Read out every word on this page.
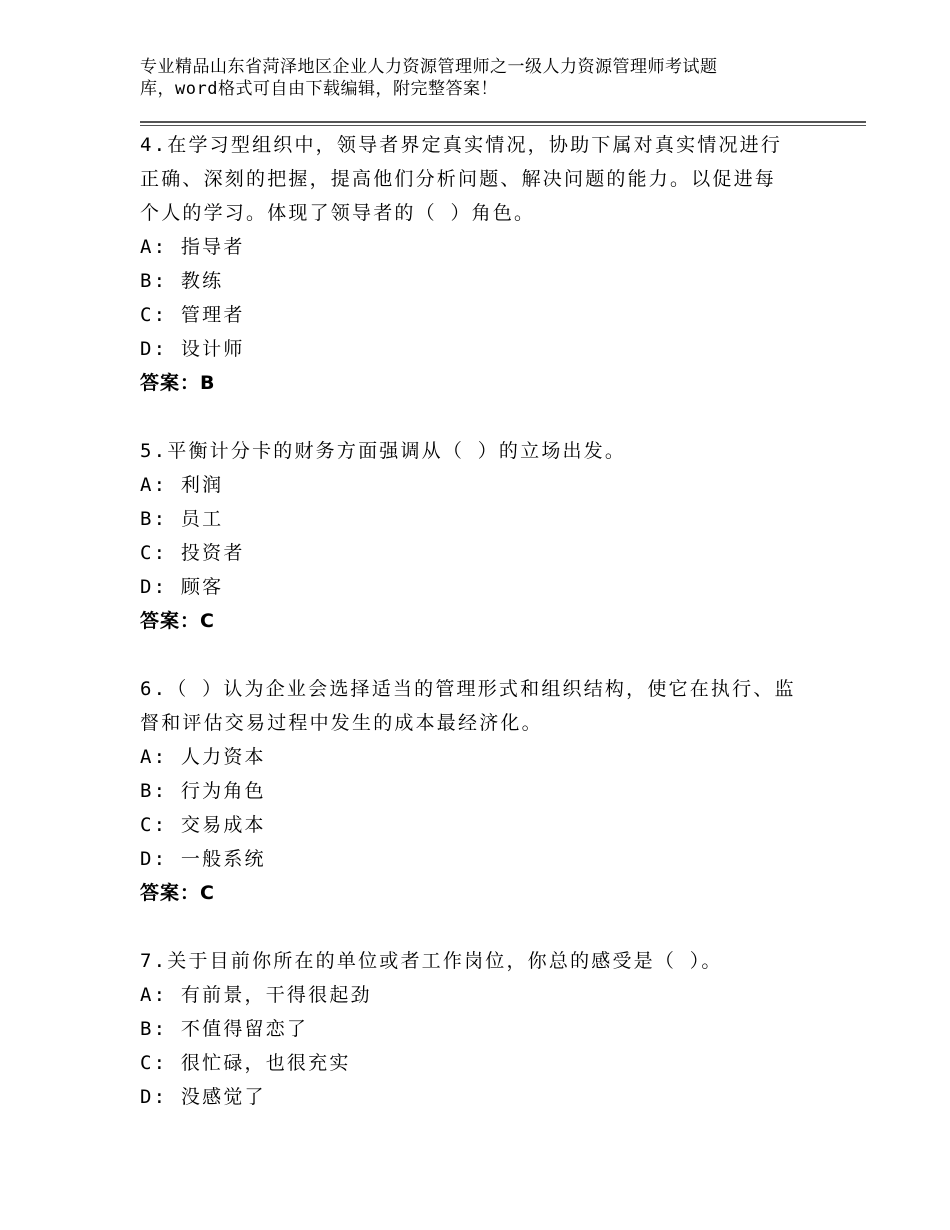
专业精品山东省菏泽地区企业人力资源管理师之一级人力资源管理师考试题
库，word格式可自由下载编辑，附完整答案！

4.在学习型组织中，领导者界定真实情况，协助下属对真实情况进行

正确、深刻的把握，提高他们分析问题、解决问题的能力。以促进每

个人的学习。体现了领导者的（ ）角色。

A: 指导者

B: 教练

C: 管理者

D: 设计师

答案：B

5.平衡计分卡的财务方面强调从（ ）的立场出发。

A: 利润

B: 员工

C: 投资者

D: 顾客

答案：C

6.（ ）认为企业会选择适当的管理形式和组织结构，使它在执行、监

督和评估交易过程中发生的成本最经济化。

A: 人力资本

B: 行为角色

C: 交易成本

D: 一般系统

答案：C

7.关于目前你所在的单位或者工作岗位，你总的感受是（ ）。

A: 有前景，干得很起劲

B: 不值得留恋了

C: 很忙碌，也很充实

D: 没感觉了
